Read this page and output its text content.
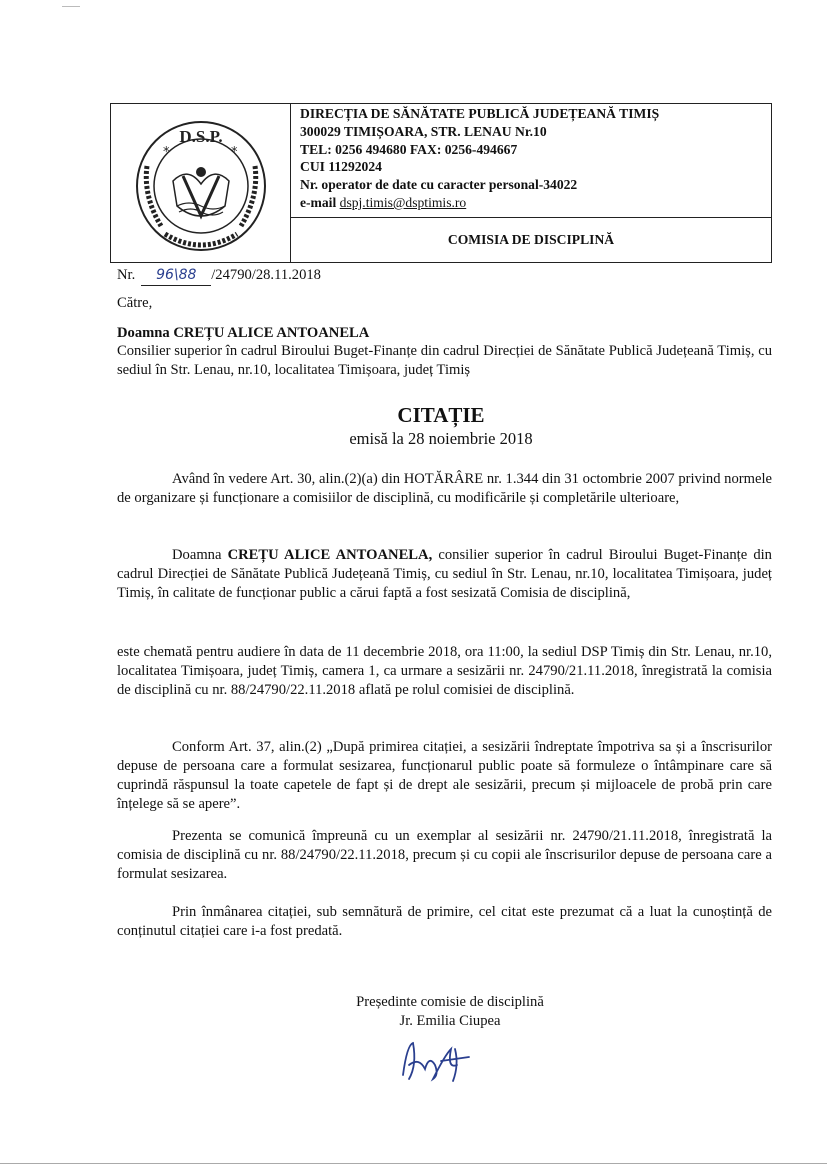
D.S.P.
*	*
DIRECȚIA DE SĂNĂTATE PUBLICĂ JUDEȚEANĂ TIMIȘ
300029 TIMIȘOARA, STR. LENAU Nr.10
TEL: 0256 494680 FAX: 0256-494667
CUI 11292024
Nr. operator de date cu caracter personal-34022
e-mail dspj.timis@dsptimis.ro
COMISIA DE DISCIPLINĂ
Nr. 96\88 /24790/28.11.2018
Către,
Doamna CREȚU ALICE ANTOANELA
Consilier superior în cadrul Biroului Buget-Finanțe din cadrul Direcției de Sănătate Publică Județeană Timiș, cu sediul în Str. Lenau, nr.10, localitatea Timișoara, județ Timiș
CITAȚIE
emisă la 28 noiembrie 2018
Având în vedere Art. 30, alin.(2)(a) din HOTĂRÂRE nr. 1.344 din 31 octombrie 2007 privind normele de organizare și funcționare a comisiilor de disciplină, cu modificările și completările ulterioare,
Doamna CREȚU ALICE ANTOANELA, consilier superior în cadrul Biroului Buget-Finanțe din cadrul Direcției de Sănătate Publică Județeană Timiș, cu sediul în Str. Lenau, nr.10, localitatea Timișoara, județ Timiș, în calitate de funcționar public a cărui faptă a fost sesizată Comisia de disciplină,
este chemată pentru audiere în data de 11 decembrie 2018, ora 11:00, la sediul DSP Timiș din Str. Lenau, nr.10, localitatea Timișoara, județ Timiș, camera 1, ca urmare a sesizării nr. 24790/21.11.2018, înregistrată la comisia de disciplină cu nr. 88/24790/22.11.2018 aflată pe rolul comisiei de disciplină.
Conform Art. 37, alin.(2) „După primirea citației, a sesizării îndreptate împotriva sa și a înscrisurilor depuse de persoana care a formulat sesizarea, funcționarul public poate să formuleze o întâmpinare care să cuprindă răspunsul la toate capetele de fapt și de drept ale sesizării, precum și mijloacele de probă prin care înțelege să se apere”.
Prezenta se comunică împreună cu un exemplar al sesizării nr. 24790/21.11.2018, înregistrată la comisia de disciplină cu nr. 88/24790/22.11.2018, precum și cu copii ale înscrisurilor depuse de persoana care a formulat sesizarea.
Prin înmânarea citației, sub semnătură de primire, cel citat este prezumat că a luat la cunoștință de conținutul citației care i-a fost predată.
Președinte comisie de disciplină
Jr. Emilia Ciupea
